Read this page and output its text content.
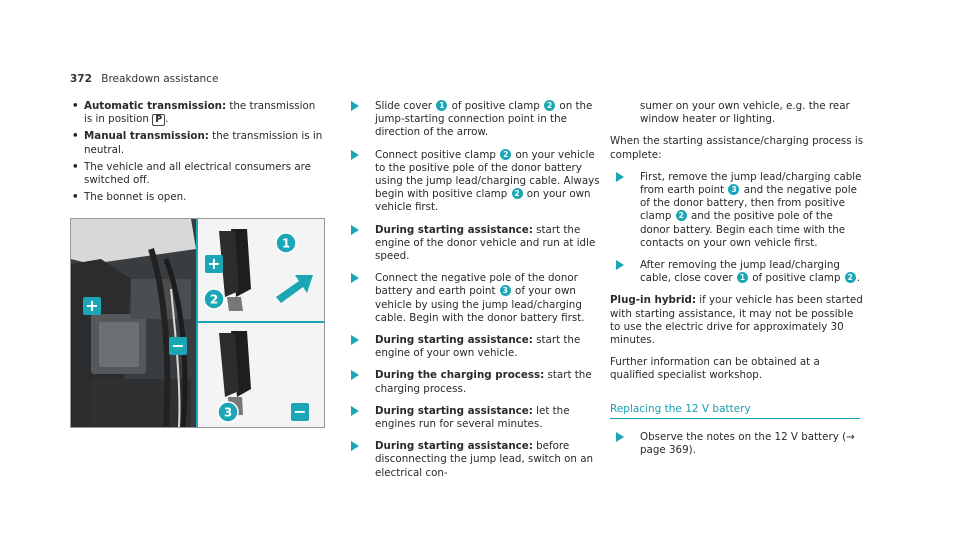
372 Breakdown assistance
• Automatic transmission: the transmission is in position P .
• Manual transmission: the transmission is in neutral.
• The vehicle and all electrical consumers are switched off.
• The bonnet is open.
+
−
+
−
1
2
3
Slide cover 1 of positive clamp 2 on the jump-starting connection point in the direction of the arrow.
Connect positive clamp 2 on your vehicle to the positive pole of the donor battery using the jump lead/charging cable. Always begin with positive clamp 2 on your own vehicle first.
During starting assistance: start the engine of the donor vehicle and run at idle speed.
Connect the negative pole of the donor battery and earth point 3 of your own vehicle by using the jump lead/charging cable. Begin with the donor battery first.
During starting assistance: start the engine of your own vehicle.
During the charging process: start the charging process.
During starting assistance: let the engines run for several minutes.
During starting assistance: before disconnecting the jump lead, switch on an electrical con-
sumer on your own vehicle, e.g. the rear window heater or lighting.
When the starting assistance/charging process is complete:
First, remove the jump lead/charging cable from earth point 3 and the negative pole of the donor battery, then from positive clamp 2 and the positive pole of the donor battery. Begin each time with the contacts on your own vehicle first.
After removing the jump lead/charging cable, close cover 1 of positive clamp 2 .
Plug-in hybrid: if your vehicle has been started with starting assistance, it may not be possible to use the electric drive for approximately 30 minutes.
Further information can be obtained at a qualified specialist workshop.
Replacing the 12 V battery
Observe the notes on the 12 V battery (→ page 369).
